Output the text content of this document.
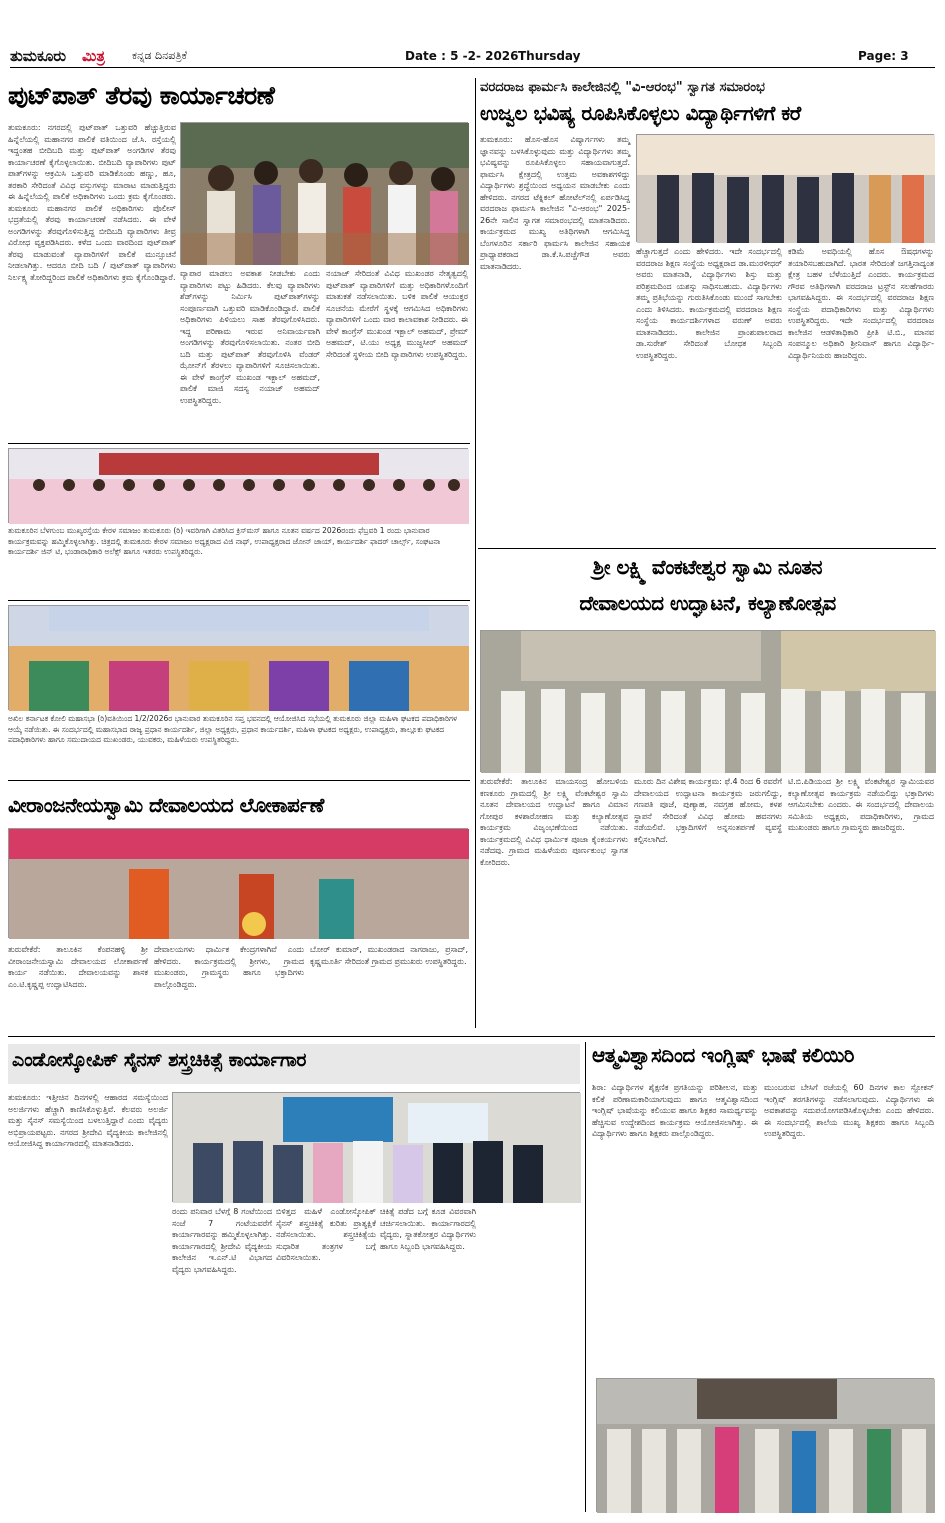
ತುಮಕೂರು ಮಿತ್ರ ಕನ್ನಡ ದಿನಪತ್ರಿಕೆ	Date : 5 -2- 2026 Thursday	Page: 3
ಪುಟ್‌ಪಾತ್ ತೆರವು ಕಾರ್ಯಾಚರಣೆ
ತುಮಕೂರು: ನಗರದಲ್ಲಿ ಪುಟ್‌ಪಾತ್ ಒತ್ತುವರಿ ಹೆಚ್ಚುತ್ತಿರುವ ಹಿನ್ನೆಲೆಯಲ್ಲಿ ಮಹಾನಗರ ಪಾಲಿಕೆ ವತಿಯಿಂದ ಜೆ.ಸಿ. ರಸ್ತೆಯಲ್ಲಿ ಇದ್ದಂತಹ ಬೀದಿಬದಿ ಮತ್ತು ಪುಟ್‌ಪಾತ್ ಅಂಗಡಿಗಳ ತೆರವು ಕಾರ್ಯಾಚರಣೆ ಕೈಗೊಳ್ಳಲಾಯಿತು. ಬೀದಿಬದಿ ವ್ಯಾಪಾರಿಗಳು ಪುಟ್ ಪಾತ್‌ಗಳನ್ನು ಆಕ್ರಮಿಸಿ ಒತ್ತುವರಿ ಮಾಡಿಕೊಂಡು ಹಣ್ಣು, ಹೂ, ತರಕಾರಿ ಸೇರಿದಂತೆ ವಿವಿಧ ವಸ್ತುಗಳನ್ನು ಮಾರಾಟ ಮಾಡುತ್ತಿದ್ದರು ಈ ಹಿನ್ನೆಲೆಯಲ್ಲಿ ಪಾಲಿಕೆ ಅಧಿಕಾರಿಗಳು ಒಂದು ಕ್ರಮ ಕೈಗೊಂಡರು. ತುಮಕೂರು ಮಹಾನಗರ ಪಾಲಿಕೆ ಅಧಿಕಾರಿಗಳು ಪೊಲೀಸ್ ಭದ್ರತೆಯಲ್ಲಿ ತೆರವು ಕಾರ್ಯಾಚರಣೆ ನಡೆಸಿದರು. ಈ ವೇಳೆ ಅಂಗಡಿಗಳನ್ನು ತೆರವುಗೊಳಿಸುತ್ತಿದ್ದ ಬೀದಿಬದಿ ವ್ಯಾಪಾರಿಗಳು ತೀವ್ರ ವಿರೋಧ ವ್ಯಕ್ತಪಡಿಸಿದರು. ಕಳೆದ ಒಂದು ವಾರದಿಂದ ಪುಟ್‌ಪಾತ್ ತೆರವು ಮಾಡುವಂತೆ ವ್ಯಾಪಾರಿಗಳಿಗೆ ಪಾಲಿಕೆ ಮುನ್ಸೂಚನೆ ನೀಡಲಾಗಿತ್ತು. ಆದರೂ ಬೀದಿ ಬದಿ / ಪುಟ್‌ಪಾತ್ ವ್ಯಾಪಾರಿಗಳು ನಿರ್ಲಕ್ಷ್ಯ ತೋರಿದ್ದರಿಂದ ಪಾಲಿಕೆ ಅಧಿಕಾರಿಗಳು ಕ್ರಮ ಕೈಗೊಂಡಿದ್ದಾರೆ. ವ್ಯಾಪಾರ ಮಾಡಲು ಅವಕಾಶ ನೀಡಬೇಕು ಎಂದು ವ್ಯಾಪಾರಿಗಳು ಪಟ್ಟು ಹಿಡಿದರು. ಕೆಲವು ವ್ಯಾಪಾರಿಗಳು ಶೆಡ್‌ಗಳನ್ನು ನಿರ್ಮಿಸಿ ಪುಟ್‌ಪಾತ್‌ಗಳನ್ನು ಸಂಪೂರ್ಣವಾಗಿ ಒತ್ತುವರಿ ಮಾಡಿಕೊಂಡಿದ್ದಾರೆ. ಪಾಲಿಕೆ ಅಧಿಕಾರಿಗಳು ಪಿಳಿಯಲು ಸಾಹ ತೆರವುಗೊಳಿಸಿದರು. ಇದ್ದ ಪರಿಣಾಮ ಇರುವ ಅನಿವಾರ್ಯವಾಗಿ ಅಂಗಡಿಗಳನ್ನು ತೆರವುಗೊಳಿಸಲಾಯಿತು. ನಂತರ ಬೀದಿ ಬದಿ ಮತ್ತು ಪುಟ್‌ಪಾತ್ ತೆರವುಗೊಳಿಸಿ ವೆಂಡರ್ ಝೋನ್‌ಗೆ ತೆರಳಲು ವ್ಯಾಪಾರಿಗಳಿಗೆ ಸೂಚಿಸಲಾಯಿತು. ಈ ವೇಳೆ ಕಾಂಗ್ರೆಸ್ ಮುಖಂಡ ಇಕ್ಬಾಲ್ ಅಹಮದ್, ಪಾಲಿಕೆ ಮಾಜಿ ಸದಸ್ಯ ನಯಾಜ್ ಅಹಮದ್ ಉಪಸ್ಥಿತರಿದ್ದರು.
ನಯಾಜ್ ಸೇರಿದಂತೆ ವಿವಿಧ ಮುಖಂಡರ ನೇತೃತ್ವದಲ್ಲಿ ಪುಟ್‌ಪಾತ್ ವ್ಯಾಪಾರಿಗಳಿಗೆ ಮತ್ತು ಅಧಿಕಾರಿಗಳೊಂದಿಗೆ ಮಾತುಕತೆ ನಡೆಸಲಾಯಿತು. ಬಳಿಕ ಪಾಲಿಕೆ ಆಯುಕ್ತರ ಸೂಚನೆಯ ಮೇರೆಗೆ ಸ್ಥಳಕ್ಕೆ ಆಗಮಿಸಿದ ಅಧಿಕಾರಿಗಳು ವ್ಯಾಪಾರಿಗಳಿಗೆ ಒಂದು ವಾರ ಕಾಲಾವಕಾಶ ನೀಡಿದರು. ಈ ವೇಳೆ ಕಾಂಗ್ರೆಸ್ ಮುಖಂಡ ಇಕ್ಬಾಲ್ ಅಹಮದ್, ಪ್ರೇಮ್ ಅಹಮದ್, ಟಿ.ಯು ಅಧ್ಯಕ್ಷ ಮುಜ್ದಸೀರ್ ಅಹಮದ್ ಸೇರಿದಂತೆ ಸ್ಥಳೀಯ ಬೀದಿ ವ್ಯಾಪಾರಿಗಳು ಉಪಸ್ಥಿತರಿದ್ದರು.
ತುಮಕೂರಿನ ಬೆಳಗುಂಬ ಮುಖ್ಯರಸ್ತೆಯ ಕೇರಳ ಸಮಾಜಂ ತುಮಕೂರು (ರಿ) ಇವರಿಗಾಗಿ ವಿತರಿಸಿದ ಕ್ರಿಸ್‌ಮಸ್ ಹಾಗೂ ನೂತನ ವರ್ಷದ 2026ರಂದು ಫೆಬ್ರವರಿ 1 ರಂದು ಭಾನುವಾರ ಕಾರ್ಯಕ್ರಮವನ್ನು ಹಮ್ಮಿಕೊಳ್ಳಲಾಗಿತ್ತು. ಚಿತ್ರದಲ್ಲಿ ತುಮಕೂರು ಕೇರಳ ಸಮಾಜಂ ಅಧ್ಯಕ್ಷರಾದ ವಿಜಿ ನಾಥ್, ಉಪಾಧ್ಯಕ್ಷರಾದ ಜೋನ್ ಜಾಯ್, ಕಾರ್ಯದರ್ಶಿ ಫಾದರ್ ಚಾರ್ಲ್ಸ್, ಸಂಘಟನಾ ಕಾರ್ಯದರ್ಶಿ ಜಿನ್ ಟಿ, ಭಂಡಾರಾಧಿಕಾರಿ ಅಲೆಕ್ಸ್ ಹಾಗೂ ಇತರರು ಉಪಸ್ಥಿತರಿದ್ದರು.
ಅಖಿಲ ಕರ್ನಾಟಕ ಕೋಲಿ ಮಹಾಸಭಾ (ರಿ)ವತಿಯಿಂದ 1/2/2026ರ ಭಾನುವಾರ ತುಮಕೂರಿನ ಸಪ್ತ ಭವನದಲ್ಲಿ ಆಯೋಜಿಸಿದ ಸಭೆಯಲ್ಲಿ ತುಮಕೂರು ಜಿಲ್ಲಾ ಮಹಿಳಾ ಘಟಕದ ಪದಾಧಿಕಾರಿಗಳ ಆಯ್ಕೆ ನಡೆಯಿತು. ಈ ಸಂದರ್ಭದಲ್ಲಿ ಮಹಾಸಭಾದ ರಾಜ್ಯ ಪ್ರಧಾನ ಕಾರ್ಯದರ್ಶಿ, ಜಿಲ್ಲಾ ಅಧ್ಯಕ್ಷರು, ಪ್ರಧಾನ ಕಾರ್ಯದರ್ಶಿ, ಮಹಿಳಾ ಘಟಕದ ಅಧ್ಯಕ್ಷರು, ಉಪಾಧ್ಯಕ್ಷರು, ತಾಲ್ಲೂಕು ಘಟಕದ ಪದಾಧಿಕಾರಿಗಳು ಹಾಗೂ ಸಮುದಾಯದ ಮುಖಂಡರು, ಯುವಕರು, ಮಹಿಳೆಯರು ಉಪಸ್ಥಿತರಿದ್ದರು.
ವೀರಾಂಜನೇಯಸ್ವಾಮಿ ದೇವಾಲಯದ ಲೋಕಾರ್ಪಣೆ
ತುರುವೇಕೆರೆ: ತಾಲೂಕಿನ ಕೆಂಪನಹಳ್ಳಿ ಶ್ರೀ ವೀರಾಂಜನೇಯಸ್ವಾಮಿ ದೇವಾಲಯದ ಲೋಕಾರ್ಪಣೆ ಕಾರ್ಯ ನಡೆಯಿತು. ದೇವಾಲಯವನ್ನು ಶಾಸಕ ಎಂ.ಟಿ.ಕೃಷ್ಣಪ್ಪ ಉದ್ಘಾಟಿಸಿದರು.
ದೇವಾಲಯಗಳು ಧಾರ್ಮಿಕ ಕೇಂದ್ರಗಳಾಗಿವೆ ಎಂದು ಹೇಳಿದರು. ಕಾರ್ಯಕ್ರಮದಲ್ಲಿ ಶ್ರೀಗಳು, ಗ್ರಾಮದ ಮುಖಂಡರು, ಗ್ರಾಮಸ್ಥರು ಹಾಗೂ ಭಕ್ತಾದಿಗಳು ಪಾಲ್ಗೊಂಡಿದ್ದರು.
ಬೋರ್ ಕುಮಾರ್, ಮುಖಂಡರಾದ ನಾಗರಾಜು, ಪ್ರಸಾದ್, ಕೃಷ್ಣಮೂರ್ತಿ ಸೇರಿದಂತೆ ಗ್ರಾಮದ ಪ್ರಮುಖರು ಉಪಸ್ಥಿತರಿದ್ದರು.
ವರದರಾಜ ಫಾರ್ಮಸಿ ಕಾಲೇಜಿನಲ್ಲಿ "ವಿ-ಆರಂಭ" ಸ್ವಾಗತ ಸಮಾರಂಭ
ಉಜ್ವಲ ಭವಿಷ್ಯ ರೂಪಿಸಿಕೊಳ್ಳಲು ವಿದ್ಯಾರ್ಥಿಗಳಿಗೆ ಕರೆ
ತುಮಕೂರು: ಹೊಸ-ಹೊಸ ವಿಷ್ಯಾರ್ಗಗಳು ತಮ್ಮ ಜ್ಞಾನವನ್ನು ಬಳಸಿಕೊಳ್ಳುವುದು ಮತ್ತು ವಿದ್ಯಾರ್ಥಿಗಳು ತಮ್ಮ ಭವಿಷ್ಯವನ್ನು ರೂಪಿಸಿಕೊಳ್ಳಲು ಸಹಾಯವಾಗುತ್ತದೆ. ಫಾರ್ಮಸಿ ಕ್ಷೇತ್ರದಲ್ಲಿ ಉತ್ತಮ ಅವಕಾಶಗಳಿದ್ದು ವಿದ್ಯಾರ್ಥಿಗಳು ಶ್ರದ್ಧೆಯಿಂದ ಅಧ್ಯಯನ ಮಾಡಬೇಕು ಎಂದು ಹೇಳಿದರು. ನಗರದ ಟೆಕ್ನಿಕಲ್ ಹೋಟೆಲ್‌ನಲ್ಲಿ ಏರ್ಪಡಿಸಿದ್ದ ವರದರಾಜ ಫಾರ್ಮಸಿ ಕಾಲೇಜಿನ "ವಿ-ಆರಂಭ" 2025-26ನೇ ಸಾಲಿನ ಸ್ವಾಗತ ಸಮಾರಂಭದಲ್ಲಿ ಮಾತನಾಡಿದರು. ಕಾರ್ಯಕ್ರಮದ ಮುಖ್ಯ ಅತಿಥಿಗಳಾಗಿ ಆಗಮಿಸಿದ್ದ ಬೆಂಗಳೂರಿನ ಸರ್ಕಾರಿ ಫಾರ್ಮಸಿ ಕಾಲೇಜಿನ ಸಹಾಯಕ ಪ್ರಾಧ್ಯಾಪಕರಾದ ಡಾ.ಕೆ.ಸಿ.ಪಚ್ಚೆಗೌಡ ಅವರು ಮಾತನಾಡಿದರು.
ಹೆಚ್ಚಾಗುತ್ತದೆ ಎಂದು ಹೇಳಿದರು. ಇದೇ ಸಂದರ್ಭದಲ್ಲಿ ವರದರಾಜ ಶಿಕ್ಷಣ ಸಂಸ್ಥೆಯ ಅಧ್ಯಕ್ಷರಾದ ಡಾ.ಮುರಳೀಧರ್ ಅವರು ಮಾತನಾಡಿ, ವಿದ್ಯಾರ್ಥಿಗಳು ಶಿಸ್ತು ಮತ್ತು ಪರಿಶ್ರಮದಿಂದ ಯಶಸ್ಸು ಸಾಧಿಸಬಹುದು. ವಿದ್ಯಾರ್ಥಿಗಳು ತಮ್ಮ ಪ್ರತಿಭೆಯನ್ನು ಗುರುತಿಸಿಕೊಂಡು ಮುಂದೆ ಸಾಗಬೇಕು ಎಂದು ತಿಳಿಸಿದರು. ಕಾರ್ಯಕ್ರಮದಲ್ಲಿ ವರದರಾಜ ಶಿಕ್ಷಣ ಸಂಸ್ಥೆಯ ಕಾರ್ಯದರ್ಶಿಗಳಾದ ವರುಣ್ ಅವರು ಮಾತನಾಡಿದರು. ಕಾಲೇಜಿನ ಪ್ರಾಂಶುಪಾಲರಾದ ಡಾ.ಸುರೇಶ್ ಸೇರಿದಂತೆ ಬೋಧಕ ಸಿಬ್ಬಂದಿ ಉಪಸ್ಥಿತರಿದ್ದರು.
ಕಡಿಮೆ ಅವಧಿಯಲ್ಲಿ ಹೊಸ ಔಷಧಗಳನ್ನು ತಯಾರಿಸಬಹುದಾಗಿದೆ. ಭಾರತ ಸೇರಿದಂತೆ ಜಗತ್ತಿನಾದ್ಯಂತ ಕ್ಷೇತ್ರ ಬಹಳ ಬೆಳೆಯುತ್ತಿದೆ ಎಂದರು. ಕಾರ್ಯಕ್ರಮದ ಗೌರವ ಅತಿಥಿಗಳಾಗಿ ವರದರಾಜ ಟ್ರಸ್ಟ್‌ನ ಸಲಹೆಗಾರರು ಭಾಗವಹಿಸಿದ್ದರು. ಈ ಸಂದರ್ಭದಲ್ಲಿ ವರದರಾಜ ಶಿಕ್ಷಣ ಸಂಸ್ಥೆಯ ಪದಾಧಿಕಾರಿಗಳು ಮತ್ತು ವಿದ್ಯಾರ್ಥಿಗಳು ಉಪಸ್ಥಿತರಿದ್ದರು. ಇದೇ ಸಂದರ್ಭದಲ್ಲಿ ವರದರಾಜ ಕಾಲೇಜಿನ ಆಡಳಿತಾಧಿಕಾರಿ ಪ್ರೀತಿ ಟಿ.ಬಿ., ಮಾನವ ಸಂಪನ್ಮೂಲ ಅಧಿಕಾರಿ ಶ್ರೀನಿವಾಸ್ ಹಾಗೂ ವಿದ್ಯಾರ್ಥಿ-ವಿದ್ಯಾರ್ಥಿನಿಯರು ಹಾಜರಿದ್ದರು.
ಶ್ರೀ ಲಕ್ಷ್ಮಿ ವೆಂಕಟೇಶ್ವರ ಸ್ವಾಮಿ ನೂತನ
ದೇವಾಲಯದ ಉದ್ಘಾಟನೆ, ಕಲ್ಯಾಣೋತ್ಸವ
ತುರುವೇಕೆರೆ: ತಾಲೂಕಿನ ಮಾಯಸಂದ್ರ ಹೋಬಳಿಯ ಕಣಕೂರು ಗ್ರಾಮದಲ್ಲಿ ಶ್ರೀ ಲಕ್ಷ್ಮಿ ವೆಂಕಟೇಶ್ವರ ಸ್ವಾಮಿ ನೂತನ ದೇವಾಲಯದ ಉದ್ಘಾಟನೆ ಹಾಗೂ ವಿಮಾನ ಗೋಪುರ ಕಳಶಾರೋಹಣ ಮತ್ತು ಕಲ್ಯಾಣೋತ್ಸವ ಕಾರ್ಯಕ್ರಮ ವಿಜೃಂಭಣೆಯಿಂದ ನಡೆಯಿತು. ಕಾರ್ಯಕ್ರಮದಲ್ಲಿ ವಿವಿಧ ಧಾರ್ಮಿಕ ಪೂಜಾ ಕೈಂಕರ್ಯಗಳು ನಡೆದವು. ಗ್ರಾಮದ ಮಹಿಳೆಯರು ಪೂರ್ಣಕುಂಭ ಸ್ವಾಗತ ಕೋರಿದರು.
ಮೂರು ದಿನ ವಿಶೇಷ ಕಾರ್ಯಕ್ರಮ: ಫೆ.4 ರಿಂದ 6 ರವರೆಗೆ ದೇವಾಲಯದ ಉದ್ಘಾಟನಾ ಕಾರ್ಯಕ್ರಮ ಜರುಗಲಿದ್ದು, ಗಣಪತಿ ಪೂಜೆ, ಪುಣ್ಯಾಹ, ನವಗ್ರಹ ಹೋಮ, ಕಳಶ ಸ್ಥಾಪನೆ ಸೇರಿದಂತೆ ವಿವಿಧ ಹೋಮ ಹವನಗಳು ನಡೆಯಲಿವೆ. ಭಕ್ತಾದಿಗಳಿಗೆ ಅನ್ನಸಂತರ್ಪಣೆ ವ್ಯವಸ್ಥೆ ಕಲ್ಪಿಸಲಾಗಿದೆ.
ಟಿ.ಬಿ.ಪಿಡಿಯಂದ ಶ್ರೀ ಲಕ್ಷ್ಮಿ ವೆಂಕಟೇಶ್ವರ ಸ್ವಾಮಿಯವರ ಕಲ್ಯಾಣೋತ್ಸವ ಕಾರ್ಯಕ್ರಮ ನಡೆಯಲಿದ್ದು ಭಕ್ತಾದಿಗಳು ಆಗಮಿಸಬೇಕು ಎಂದರು. ಈ ಸಂದರ್ಭದಲ್ಲಿ ದೇವಾಲಯ ಸಮಿತಿಯ ಅಧ್ಯಕ್ಷರು, ಪದಾಧಿಕಾರಿಗಳು, ಗ್ರಾಮದ ಮುಖಂಡರು ಹಾಗೂ ಗ್ರಾಮಸ್ಥರು ಹಾಜರಿದ್ದರು.
ಎಂಡೋಸ್ಕೋಪಿಕ್ ಸೈನಸ್ ಶಸ್ತ್ರಚಿಕಿತ್ಸೆ ಕಾರ್ಯಾಗಾರ
ತುಮಕೂರು: ಇತ್ತೀಚಿನ ದಿನಗಳಲ್ಲಿ ಆಹಾರದ ಸಮಸ್ಯೆಯಿಂದ ಅಲರ್ಜಿಗಳು ಹೆಚ್ಚಾಗಿ ಕಾಣಿಸಿಕೊಳ್ಳುತ್ತಿವೆ. ಕೆಲವರು ಅಲರ್ಜಿ ಮತ್ತು ಸೈನಸ್ ಸಮಸ್ಯೆಯಿಂದ ಬಳಲುತ್ತಿದ್ದಾರೆ ಎಂದು ವೈದ್ಯರು ಅಭಿಪ್ರಾಯಪಟ್ಟರು. ನಗರದ ಶ್ರೀದೇವಿ ವೈದ್ಯಕೀಯ ಕಾಲೇಜಿನಲ್ಲಿ ಆಯೋಜಿಸಿದ್ದ ಕಾರ್ಯಾಗಾರದಲ್ಲಿ ಮಾತನಾಡಿದರು.
ರಂದು ಪನಿವಾರ ಬೆಳಗ್ಗೆ 8 ಗಂಟೆಯಿಂದ ಸಂಜೆ 7 ಗಂಟೆಯವರೆಗೆ ಕಾರ್ಯಾಗಾರವನ್ನು ಹಮ್ಮಿಕೊಳ್ಳಲಾಗಿತ್ತು. ಕಾರ್ಯಾಗಾರದಲ್ಲಿ ಶ್ರೀದೇವಿ ವೈದ್ಯಕೀಯ ಕಾಲೇಜಿನ ಇ.ಎನ್.ಟಿ ವಿಭಾಗದ ವೈದ್ಯರು ಭಾಗವಹಿಸಿದ್ದರು.
ಬಿಳಿತ್ತದ ಮಹಿಳೆ ಎಂಡೋಸ್ಕೋಪಿಕ್ ಸೈನಸ್ ಶಸ್ತ್ರಚಿಕಿತ್ಸೆ ಕುರಿತು ಪ್ರಾತ್ಯಕ್ಷಿಕೆ ನಡೆಸಲಾಯಿತು. ಶಸ್ತ್ರಚಿಕಿತ್ಸೆಯ ಸುಧಾರಿತ ತಂತ್ರಗಳ ಬಗ್ಗೆ ವಿವರಿಸಲಾಯಿತು.
ಚಿಕಿತ್ಸೆ ಪಡೆದ ಬಗ್ಗೆ ಕೂಡ ವಿವರವಾಗಿ ಚರ್ಚಿಸಲಾಯಿತು. ಕಾರ್ಯಾಗಾರದಲ್ಲಿ ವೈದ್ಯರು, ಸ್ನಾತಕೋತ್ತರ ವಿದ್ಯಾರ್ಥಿಗಳು ಹಾಗೂ ಸಿಬ್ಬಂದಿ ಭಾಗವಹಿಸಿದ್ದರು.
ಆತ್ಮವಿಶ್ವಾಸದಿಂದ ಇಂಗ್ಲಿಷ್ ಭಾಷೆ ಕಲಿಯಿರಿ
ಶಿರಾ: ವಿದ್ಯಾರ್ಥಿಗಳ ಶೈಕ್ಷಣಿಕ ಪ್ರಗತಿಯನ್ನು ಪರಿಶೀಲನ, ಮತ್ತು ಕಲಿಕೆ ಪರಿಣಾಮಕಾರಿಯಾಗುವುದು ಹಾಗೂ ಆತ್ಮವಿಶ್ವಾಸದಿಂದ ಇಂಗ್ಲಿಷ್ ಭಾಷೆಯನ್ನು ಕಲಿಯುವ ಹಾಗೂ ಶಿಕ್ಷಕರ ಸಾಮರ್ಥ್ಯವನ್ನು ಹೆಚ್ಚಿಸುವ ಉದ್ದೇಶದಿಂದ ಕಾರ್ಯಕ್ರಮ ಆಯೋಜಿಸಲಾಗಿತ್ತು. ಈ ವಿದ್ಯಾರ್ಥಿಗಳು ಹಾಗೂ ಶಿಕ್ಷಕರು ಪಾಲ್ಗೊಂಡಿದ್ದರು.
ಮುಂಬರುವ ಬೇಸಿಗೆ ರಜೆಯಲ್ಲಿ 60 ದಿನಗಳ ಕಾಲ ಸ್ಪೋಕನ್ ಇಂಗ್ಲಿಷ್ ತರಗತಿಗಳನ್ನು ನಡೆಸಲಾಗುವುದು. ವಿದ್ಯಾರ್ಥಿಗಳು ಈ ಅವಕಾಶವನ್ನು ಸದುಪಯೋಗಪಡಿಸಿಕೊಳ್ಳಬೇಕು ಎಂದು ಹೇಳಿದರು. ಈ ಸಂದರ್ಭದಲ್ಲಿ ಶಾಲೆಯ ಮುಖ್ಯ ಶಿಕ್ಷಕರು ಹಾಗೂ ಸಿಬ್ಬಂದಿ ಉಪಸ್ಥಿತರಿದ್ದರು.
